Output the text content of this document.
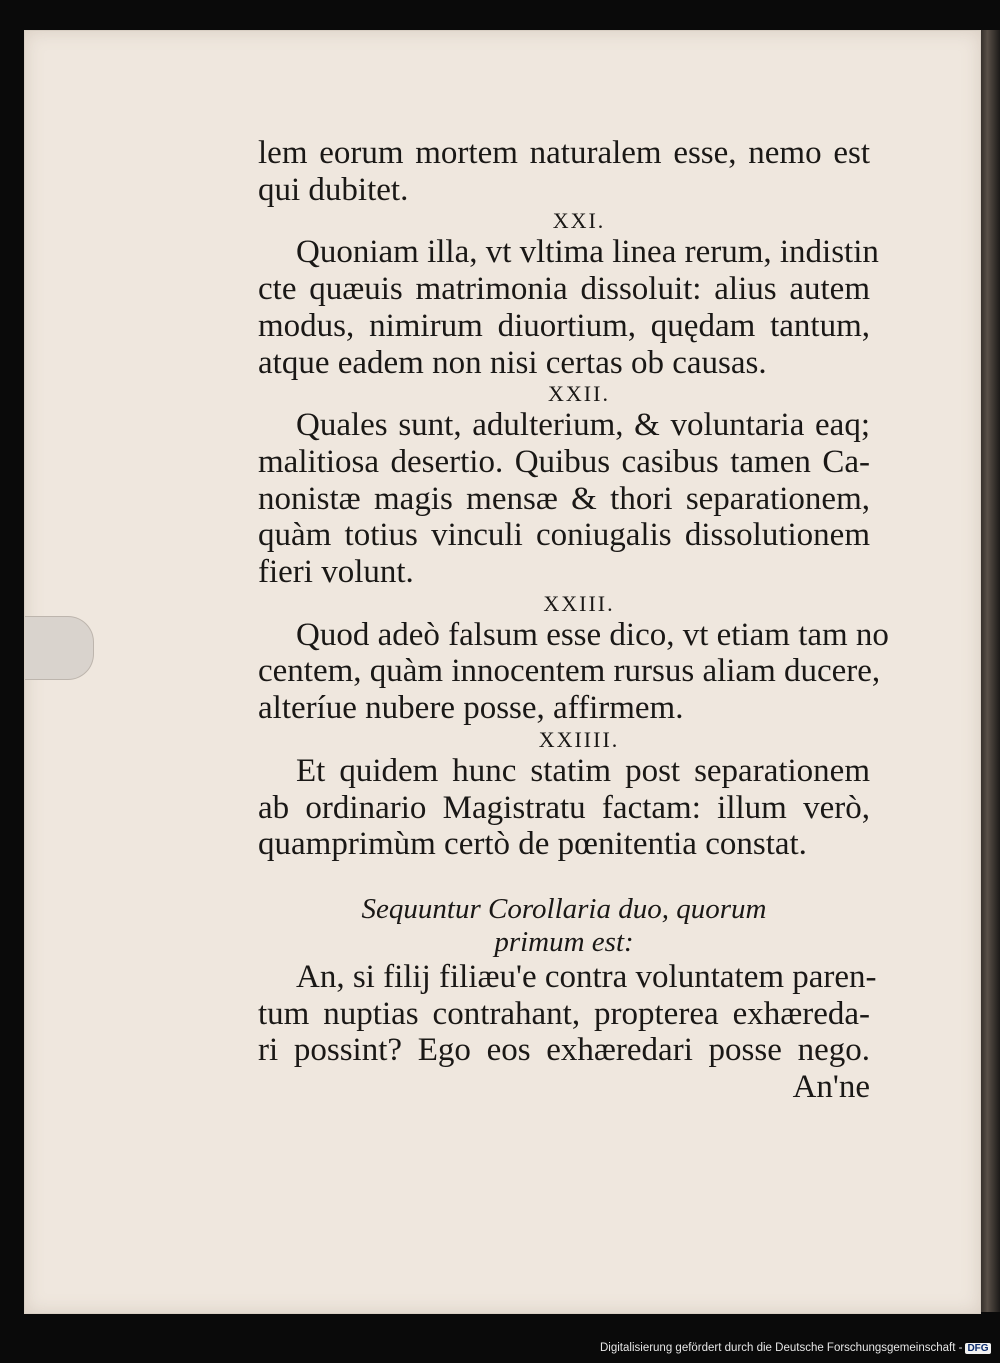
lem eorum mortem naturalem esse, nemo est
qui dubitet.
XXI.
Quoniam illa, vt vltima linea rerum, indistin
cte quæuis matrimonia dissoluit: alius autem
modus, nimirum diuortium, quędam tantum,
atque eadem non nisi certas ob causas.
XXII.
Quales sunt, adulterium, & voluntaria eaq;
malitiosa desertio. Quibus casibus tamen Ca-
nonistæ magis mensæ & thori separationem,
quàm totius vinculi coniugalis dissolutionem
fieri volunt.
XXIII.
Quod adeò falsum esse dico, vt etiam tam no
centem, quàm innocentem rursus aliam ducere,
alteríue nubere posse, affirmem.
XXIIII.
Et quidem hunc statim post separationem
ab ordinario Magistratu factam: illum verò,
quamprimùm certò de pœnitentia constat.
Sequuntur Corollaria duo, quorum
primum est:
An, si filij filiæu'e contra voluntatem paren-
tum nuptias contrahant, propterea exhæreda-
ri possint? Ego eos exhæredari posse nego.
An'ne
Digitalisierung gefördert durch die Deutsche Forschungsgemeinschaft - DFG
